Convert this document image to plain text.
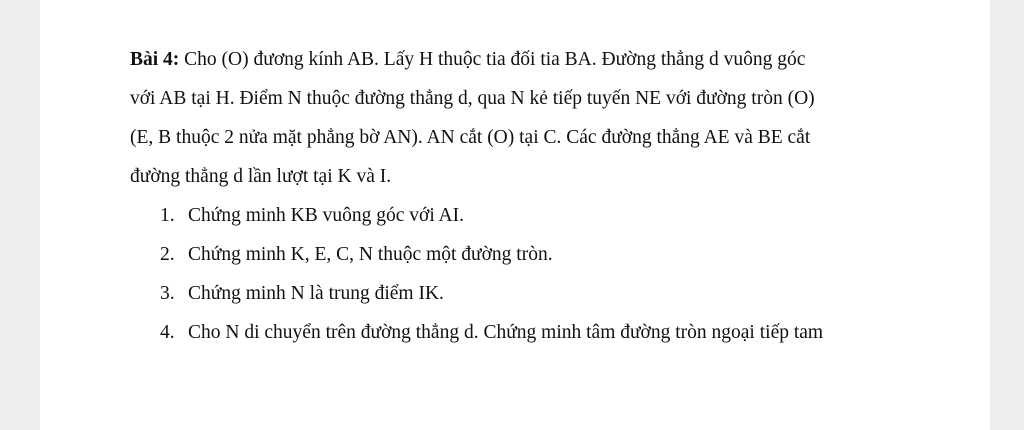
Bài 4: Cho (O) đương kính AB. Lấy H thuộc tia đối tia BA. Đường thẳng d vuông góc

với AB tại H. Điểm N thuộc đường thẳng d, qua N kẻ tiếp tuyến NE với đường tròn (O)

(E, B thuộc 2 nửa mặt phẳng bờ AN). AN cắt (O) tại C. Các đường thẳng AE và BE cắt

đường thẳng d lần lượt tại K và I.

1. Chứng minh KB vuông góc với AI.
2. Chứng minh K, E, C, N thuộc một đường tròn.
3. Chứng minh N là trung điểm IK.
4. Cho N di chuyển trên đường thẳng d. Chứng minh tâm đường tròn ngoại tiếp tam
